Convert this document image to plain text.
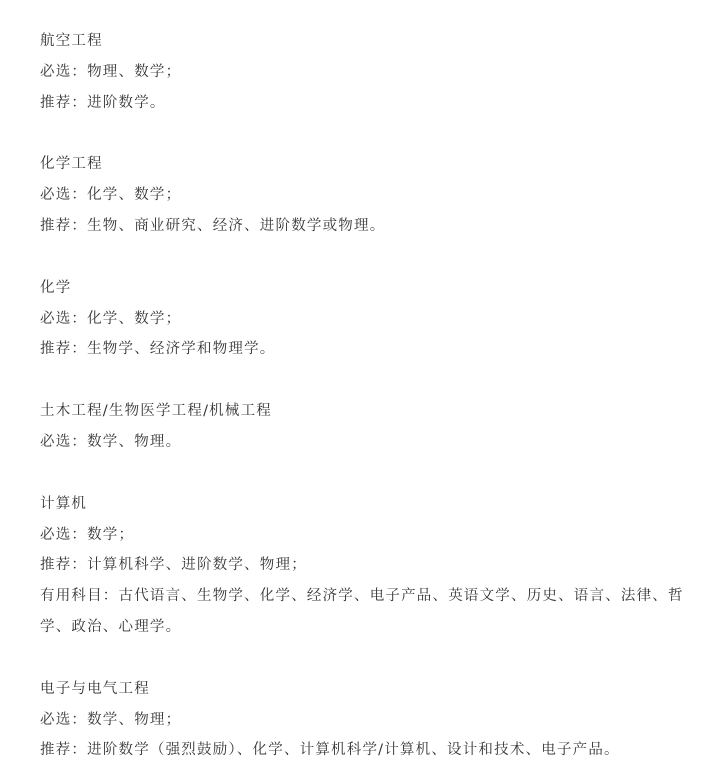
航空工程

必选：物理、数学；

推荐：进阶数学。

化学工程

必选：化学、数学；

推荐：生物、商业研究、经济、进阶数学或物理。

化学

必选：化学、数学；

推荐：生物学、经济学和物理学。

土木工程/生物医学工程/机械工程

必选：数学、物理。

计算机

必选：数学；

推荐：计算机科学、进阶数学、物理；

有用科目：古代语言、生物学、化学、经济学、电子产品、英语文学、历史、语言、法律、哲学、政治、心理学。

电子与电气工程

必选：数学、物理；

推荐：进阶数学（强烈鼓励）、化学、计算机科学/计算机、设计和技术、电子产品。
